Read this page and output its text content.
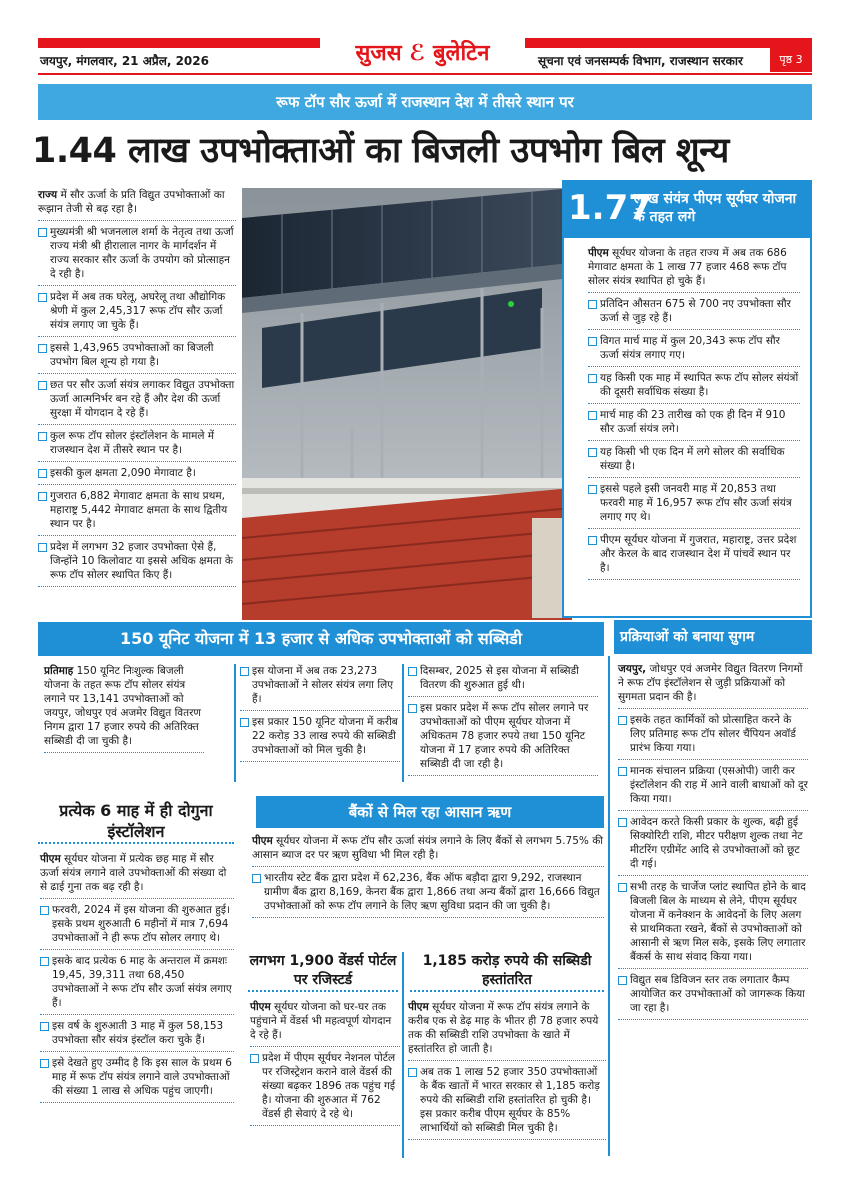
सुजस ℰ बुलेटिन
जयपुर, मंगलवार, 21 अप्रैल, 2026	सूचना एवं जनसम्पर्क विभाग, राजस्थान सरकार	पृष्ठ 3
रूफ टॉप सौर ऊर्जा में राजस्थान देश में तीसरे स्थान पर
1.44 लाख उपभोक्ताओं का बिजली उपभोग बिल शून्य

राज्य में सौर ऊर्जा के प्रति विद्युत उपभोक्ताओं का रूझान तेजी से बढ़ रहा है।

मुख्यमंत्री श्री भजनलाल शर्मा के नेतृत्व तथा ऊर्जा राज्य मंत्री श्री हीरालाल नागर के मार्गदर्शन में राज्य सरकार सौर ऊर्जा के उपयोग को प्रोत्साहन दे रही है।

प्रदेश में अब तक घरेलू, अघरेलू तथा औद्योगिक श्रेणी में कुल 2,45,317 रूफ टॉप सौर ऊर्जा संयंत्र लगाए जा चुके हैं।

इससे 1,43,965 उपभोक्ताओं का बिजली उपभोग बिल शून्य हो गया है।

छत पर सौर ऊर्जा संयंत्र लगाकर विद्युत उपभोक्ता ऊर्जा आत्मनिर्भर बन रहे हैं और देश की ऊर्जा सुरक्षा में योगदान दे रहे हैं।

कुल रूफ टॉप सोलर इंस्टॉलेशन के मामले में राजस्थान देश में तीसरे स्थान पर है।

इसकी कुल क्षमता 2,090 मेगावाट है।

गुजरात 6,882 मेगावाट क्षमता के साथ प्रथम, महाराष्ट्र 5,442 मेगावाट क्षमता के साथ द्वितीय स्थान पर है।

प्रदेश में लगभग 32 हजार उपभोक्ता ऐसे हैं, जिन्होंने 10 किलोवाट या इससे अधिक क्षमता के रूफ टॉप सोलर स्थापित किए हैं।

1.77
लाख संयंत्र पीएम सूर्यघर योजना के तहत लगे

पीएम सूर्यघर योजना के तहत राज्य में अब तक 686 मेगावाट क्षमता के 1 लाख 77 हजार 468 रूफ टॉप सोलर संयंत्र स्थापित हो चुके हैं।

प्रतिदिन औसतन 675 से 700 नए उपभोक्ता सौर ऊर्जा से जुड़ रहे हैं।

विगत मार्च माह में कुल 20,343 रूफ टॉप सौर ऊर्जा संयंत्र लगाए गए।

यह किसी एक माह में स्थापित रूफ टॉप सोलर संयंत्रों की दूसरी सर्वाधिक संख्या है।

मार्च माह की 23 तारीख को एक ही दिन में 910 सौर ऊर्जा संयंत्र लगे।

यह किसी भी एक दिन में लगे सोलर की सर्वाधिक संख्या है।

इससे पहले इसी जनवरी माह में 20,853 तथा फरवरी माह में 16,957 रूफ टॉप सौर ऊर्जा संयंत्र लगाए गए थे।

पीएम सूर्यघर योजना में गुजरात, महाराष्ट्र, उत्तर प्रदेश और केरल के बाद राजस्थान देश में पांचवें स्थान पर है।

150 यूनिट योजना में 13 हजार से अधिक उपभोक्ताओं को सब्सिडी

प्रतिमाह 150 यूनिट निःशुल्क बिजली योजना के तहत रूफ टॉप सोलर संयंत्र लगाने पर 13,141 उपभोक्ताओं को जयपुर, जोधपुर एवं अजमेर विद्युत वितरण निगम द्वारा 17 हजार रुपये की अतिरिक्त सब्सिडी दी जा चुकी है।

इस योजना में अब तक 23,273 उपभोक्ताओं ने सोलर संयंत्र लगा लिए हैं।

इस प्रकार 150 यूनिट योजना में करीब 22 करोड़ 33 लाख रुपये की सब्सिडी उपभोक्ताओं को मिल चुकी है।

दिसम्बर, 2025 से इस योजना में सब्सिडी वितरण की शुरुआत हुई थी।

इस प्रकार प्रदेश में रूफ टॉप सोलर लगाने पर उपभोक्ताओं को पीएम सूर्यघर योजना में अधिकतम 78 हजार रुपये तथा 150 यूनिट योजना में 17 हजार रुपये की अतिरिक्त सब्सिडी दी जा रही है।

प्रक्रियाओं को बनाया सुगम

जयपुर, जोधपुर एवं अजमेर विद्युत वितरण निगमों ने रूफ टॉप इंस्टॉलेशन से जुड़ी प्रक्रियाओं को सुगमता प्रदान की है।

इसके तहत कार्मिकों को प्रोत्साहित करने के लिए प्रतिमाह रूफ टॉप सोलर चैंपियन अवॉर्ड प्रारंभ किया गया।

मानक संचालन प्रक्रिया (एसओपी) जारी कर इंस्टॉलेशन की राह में आने वाली बाधाओं को दूर किया गया।

आवेदन करते किसी प्रकार के शुल्क, बढ़ी हुई सिक्योरिटी राशि, मीटर परीक्षण शुल्क तथा नेट मीटरिंग एग्रीमेंट आदि से उपभोक्ताओं को छूट दी गई।

सभी तरह के चार्जेज प्लांट स्थापित होने के बाद बिजली बिल के माध्यम से लेने, पीएम सूर्यघर योजना में कनेक्शन के आवेदनों के लिए अलग से प्राथमिकता रखने, बैंकों से उपभोक्ताओं को आसानी से ऋण मिल सके, इसके लिए लगातार बैंकर्स के साथ संवाद किया गया।

विद्युत सब डिविजन स्तर तक लगातार कैम्प आयोजित कर उपभोक्ताओं को जागरूक किया जा रहा है।

प्रत्येक 6 माह में ही दोगुना इंस्टॉलेशन

पीएम सूर्यघर योजना में प्रत्येक छह माह में सौर ऊर्जा संयंत्र लगाने वाले उपभोक्ताओं की संख्या दो से ढाई गुना तक बढ़ रही है।

फरवरी, 2024 में इस योजना की शुरुआत हुई। इसके प्रथम शुरुआती 6 महीनों में मात्र 7,694 उपभोक्ताओं ने ही रूफ टॉप सोलर लगाए थे।

इसके बाद प्रत्येक 6 माह के अन्तराल में क्रमशः 19,45, 39,311 तथा 68,450 उपभोक्ताओं ने रूफ टॉप सौर ऊर्जा संयंत्र लगाए हैं।

इस वर्ष के शुरुआती 3 माह में कुल 58,153 उपभोक्ता सौर संयंत्र इंस्टॉल करा चुके हैं।

इसे देखते हुए उम्मीद है कि इस साल के प्रथम 6 माह में रूफ टॉप संयंत्र लगाने वाले उपभोक्ताओं की संख्या 1 लाख से अधिक पहुंच जाएगी।

बैंकों से मिल रहा आसान ऋण

पीएम सूर्यघर योजना में रूफ टॉप सौर ऊर्जा संयंत्र लगाने के लिए बैंकों से लगभग 5.75% की आसान ब्याज दर पर ऋण सुविधा भी मिल रही है।

भारतीय स्टेट बैंक द्वारा प्रदेश में 62,236, बैंक ऑफ बड़ौदा द्वारा 9,292, राजस्थान ग्रामीण बैंक द्वारा 8,169, केनरा बैंक द्वारा 1,866 तथा अन्य बैंकों द्वारा 16,666 विद्युत उपभोक्ताओं को रूफ टॉप लगाने के लिए ऋण सुविधा प्रदान की जा चुकी है।

लगभग 1,900 वेंडर्स पोर्टल पर रजिस्टर्ड

पीएम सूर्यघर योजना को घर-घर तक पहुंचाने में वेंडर्स भी महत्वपूर्ण योगदान दे रहे हैं।

प्रदेश में पीएम सूर्यघर नेशनल पोर्टल पर रजिस्ट्रेशन कराने वाले वेंडर्स की संख्या बढ़कर 1896 तक पहुंच गई है। योजना की शुरुआत में 762 वेंडर्स ही सेवाएं दे रहे थे।

1,185 करोड़ रुपये की सब्सिडी हस्तांतरित

पीएम सूर्यघर योजना में रूफ टॉप संयंत्र लगाने के करीब एक से डेढ़ माह के भीतर ही 78 हजार रुपये तक की सब्सिडी राशि उपभोक्ता के खाते में हस्तांतरित हो जाती है।

अब तक 1 लाख 52 हजार 350 उपभोक्ताओं के बैंक खातों में भारत सरकार से 1,185 करोड़ रुपये की सब्सिडी राशि हस्तांतरित हो चुकी है। इस प्रकार करीब पीएम सूर्यघर के 85% लाभार्थियों को सब्सिडी मिल चुकी है।
